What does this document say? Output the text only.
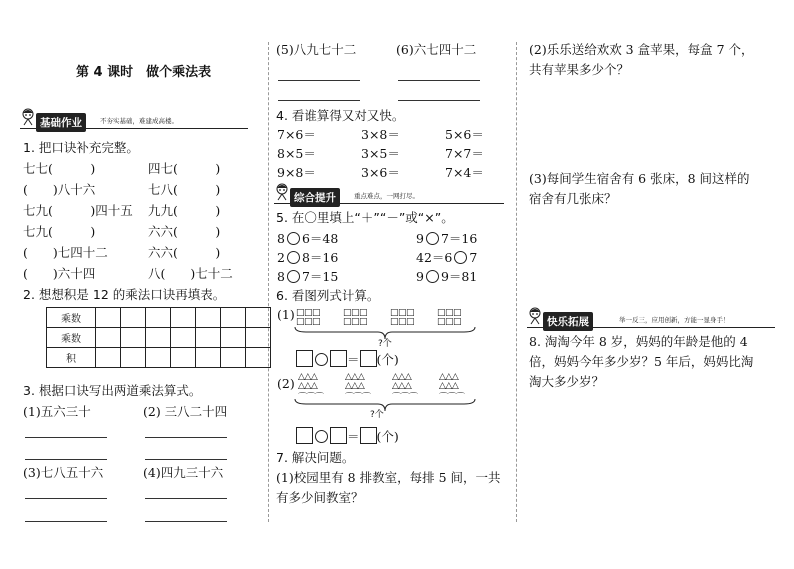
第 4 课时　做个乘法表
基础作业	不夯实基础，难建成高楼。
1. 把口诀补充完整。
七七(　　　)	四七(　　　)
(　　)八十六	七八(　　　)
七九(　　　)四十五 九九(　　　)
七九(　　　)	六六(　　　)
(　　)七四十二	六六(　　　)
(　　)六十四	八(　　)七十二
2. 想想积是 12 的乘法口诀再填表。
乘数							
乘数							
积							
3. 根据口诀写出两道乘法算式。
(1)五六三十	(2) 三八二十四
(3)七八五十六	(4)四九三十六
(5)八九七十二	(6)六七四十二
4. 看谁算得又对又快。
7×6＝	3×8＝	5×6＝
8×5＝	3×5＝	7×7＝
9×8＝	3×6＝	7×4＝
综合提升	重点难点，一网打尽。
5. 在〇里填上“＋”“－”或“×”。
8 6＝48	9 7＝16
2 8＝16	42＝6 7
8 7＝15	9 9＝81
6. 看图列式计算。
(1) □□□
□□□
□□□
□□□
□□□
□□□
□□□
□□□
?个
＝ (个)
(2) △△△
△△△
⌒⌒⌒
△△△
△△△
⌒⌒⌒
△△△
△△△
⌒⌒⌒
△△△
△△△
⌒⌒⌒
?个
＝ (个)
7. 解决问题。
(1)校园里有 8 排教室，每排 5 间，一共
有多少间教室？
(2)乐乐送给欢欢 3 盒苹果，每盒 7 个，
共有苹果多少个？
(3)每间学生宿舍有 6 张床，8 间这样的
宿舍有几张床？
快乐拓展	举一反三，应用创新，方能一显身手！
8. 淘淘今年 8 岁，妈妈的年龄是他的 4
倍，妈妈今年多少岁？5 年后，妈妈比淘
淘大多少岁？
